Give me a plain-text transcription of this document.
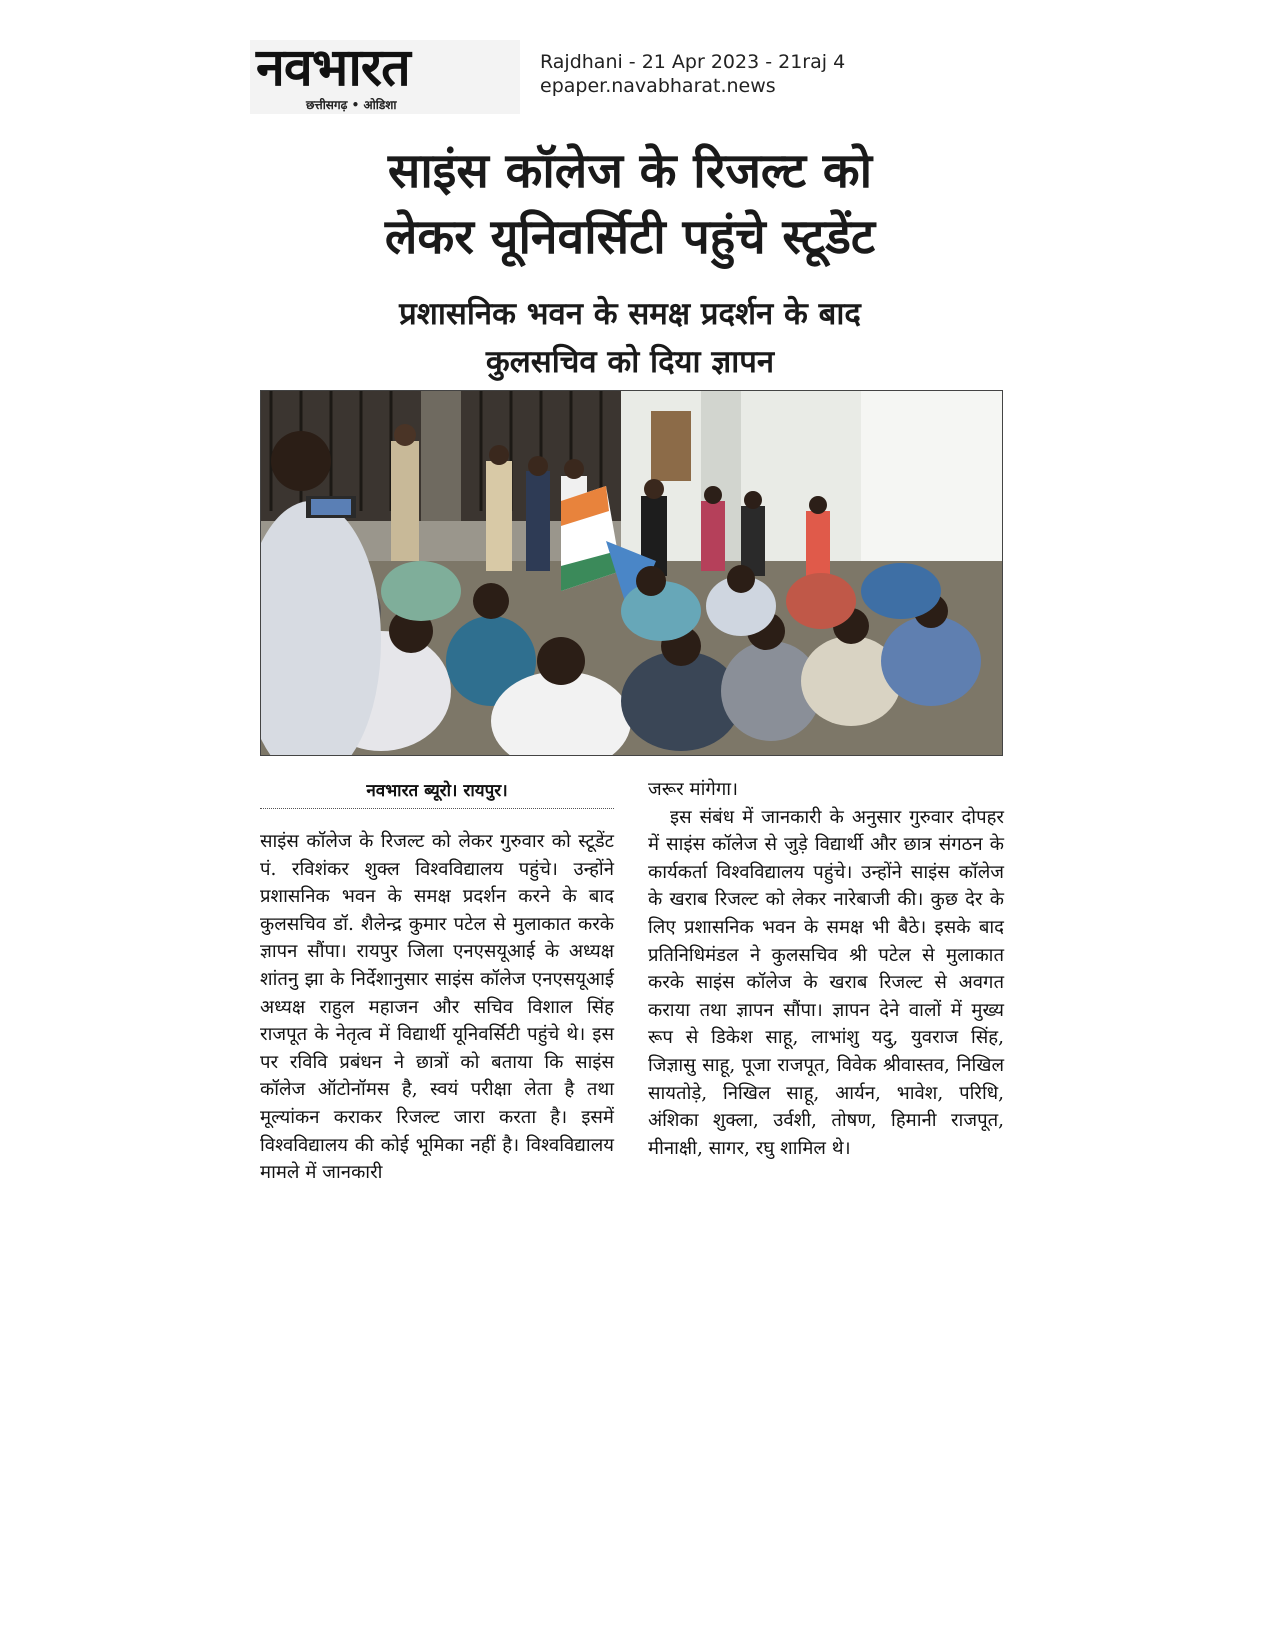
नवभारत
छत्तीसगढ़ • ओडिशा
Rajdhani - 21 Apr 2023 - 21raj 4
epaper.navabharat.news
साइंस कॉलेज के रिजल्ट को
लेकर यूनिवर्सिटी पहुंचे स्टूडेंट
प्रशासनिक भवन के समक्ष प्रदर्शन के बाद
कुलसचिव को दिया ज्ञापन
नवभारत ब्यूरो। रायपुर।

साइंस कॉलेज के रिजल्ट को लेकर गुरुवार को स्टूडेंट पं. रविशंकर शुक्ल विश्वविद्यालय पहुंचे। उन्होंने प्रशासनिक भवन के समक्ष प्रदर्शन करने के बाद कुलसचिव डॉ. शैलेन्द्र कुमार पटेल से मुलाकात करके ज्ञापन सौंपा। रायपुर जिला एनएसयूआई के अध्यक्ष शांतनु झा के निर्देशानुसार साइंस कॉलेज एनएसयूआई अध्यक्ष राहुल महाजन और सचिव विशाल सिंह राजपूत के नेतृत्व में विद्यार्थी यूनिवर्सिटी पहुंचे थे। इस पर रविवि प्रबंधन ने छात्रों को बताया कि साइंस कॉलेज ऑटोनॉमस है, स्वयं परीक्षा लेता है तथा मूल्यांकन कराकर रिजल्ट जारा करता है। इसमें विश्वविद्यालय की कोई भूमिका नहीं है। विश्वविद्यालय मामले में जानकारी

जरूर मांगेगा।

इस संबंध में जानकारी के अनुसार गुरुवार दोपहर में साइंस कॉलेज से जुड़े विद्यार्थी और छात्र संगठन के कार्यकर्ता विश्वविद्यालय पहुंचे। उन्होंने साइंस कॉलेज के खराब रिजल्ट को लेकर नारेबाजी की। कुछ देर के लिए प्रशासनिक भवन के समक्ष भी बैठे। इसके बाद प्रतिनिधिमंडल ने कुलसचिव श्री पटेल से मुलाकात करके साइंस कॉलेज के खराब रिजल्ट से अवगत कराया तथा ज्ञापन सौंपा। ज्ञापन देने वालों में मुख्य रूप से डिकेश साहू, लाभांशु यदु, युवराज सिंह, जिज्ञासु साहू, पूजा राजपूत, विवेक श्रीवास्तव, निखिल सायतोड़े, निखिल साहू, आर्यन, भावेश, परिधि, अंशिका शुक्ला, उर्वशी, तोषण, हिमानी राजपूत, मीनाक्षी, सागर, रघु शामिल थे।
